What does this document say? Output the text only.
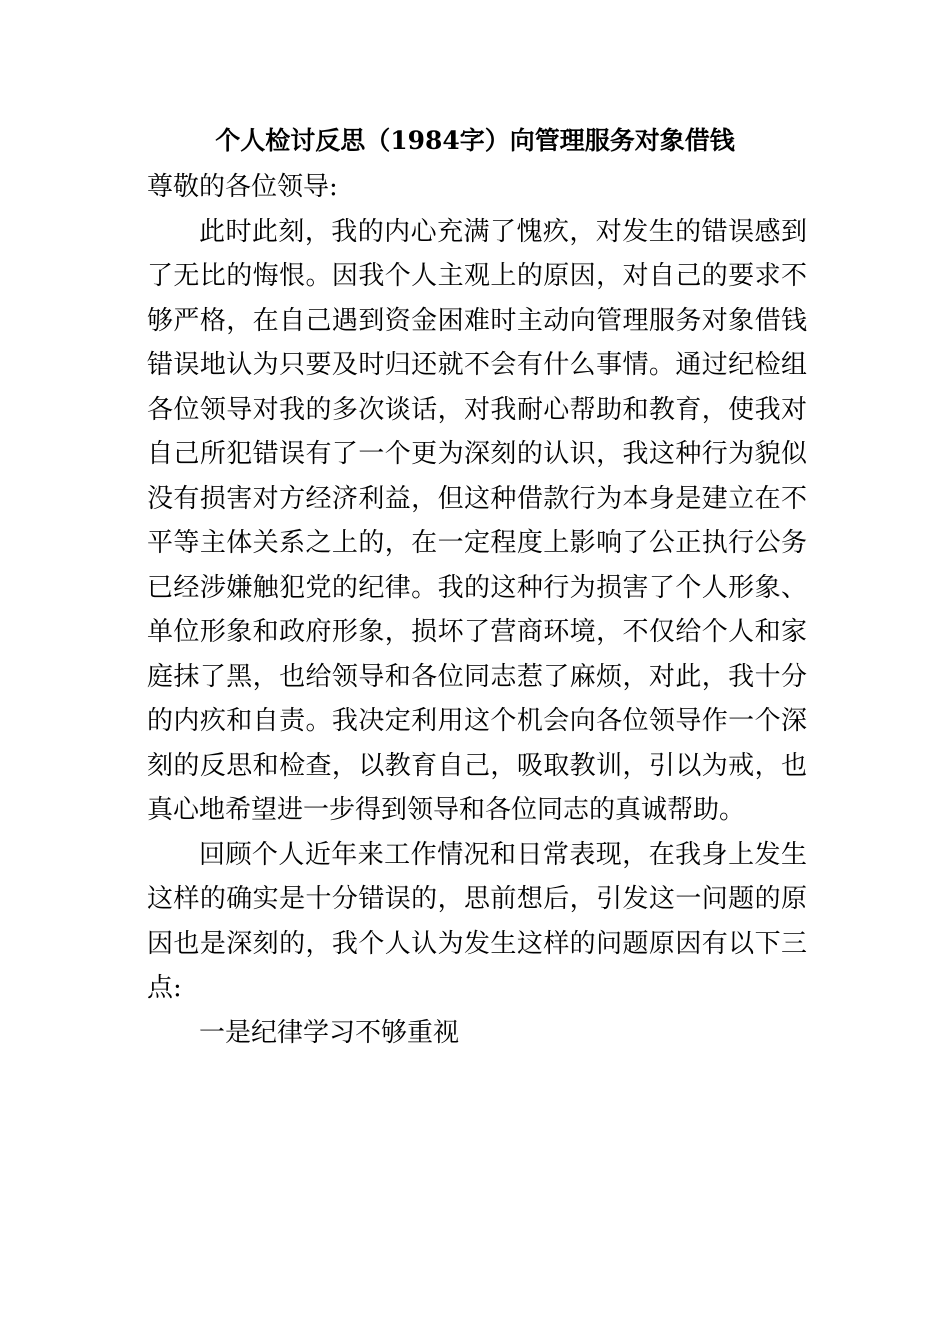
个人检讨反思（1984字）向管理服务对象借钱

尊敬的各位领导:

此时此刻，我的内心充满了愧疚，对发生的错误感到了无比的悔恨。因我个人主观上的原因，对自己的要求不够严格，在自己遇到资金困难时主动向管理服务对象借钱错误地认为只要及时归还就不会有什么事情。通过纪检组各位领导对我的多次谈话，对我耐心帮助和教育，使我对自己所犯错误有了一个更为深刻的认识，我这种行为貌似没有损害对方经济利益，但这种借款行为本身是建立在不平等主体关系之上的，在一定程度上影响了公正执行公务已经涉嫌触犯党的纪律。我的这种行为损害了个人形象、单位形象和政府形象，损坏了营商环境，不仅给个人和家庭抹了黑，也给领导和各位同志惹了麻烦，对此，我十分的内疚和自责。我决定利用这个机会向各位领导作一个深刻的反思和检查，以教育自己，吸取教训，引以为戒，也真心地希望进一步得到领导和各位同志的真诚帮助。

回顾个人近年来工作情况和日常表现，在我身上发生这样的确实是十分错误的，思前想后，引发这一问题的原因也是深刻的，我个人认为发生这样的问题原因有以下三点:

一是纪律学习不够重视
